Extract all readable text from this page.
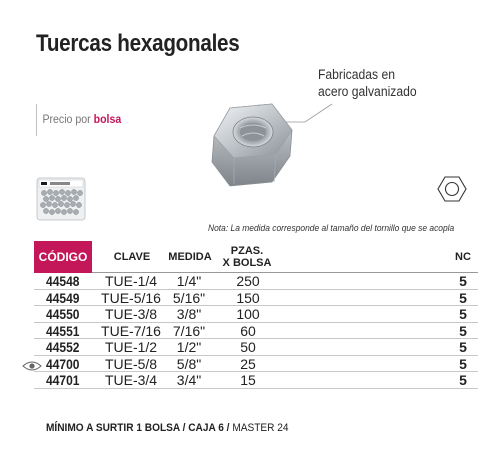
Tuercas hexagonales
Precio por bolsa
Fabricadas en
acero galvanizado
Nota: La medida corresponde al tamaño del tornillo que se acopla
CÓDIGO	CLAVE	MEDIDA	PZAS.
X BOLSA	NC
44548	TUE-1/4	1/4"	250	5
44549 TUE-5/16 5/16"	150	5
44550	TUE-3/8	3/8"	100	5
44551 TUE-7/16 7/16"	60	5
44552	TUE-1/2	1/2"	50	5
44700	TUE-5/8	5/8"	25	5
44701	TUE-3/4	3/4"	15	5
MÍNIMO A SURTIR 1 BOLSA / CAJA 6 / MASTER 24
